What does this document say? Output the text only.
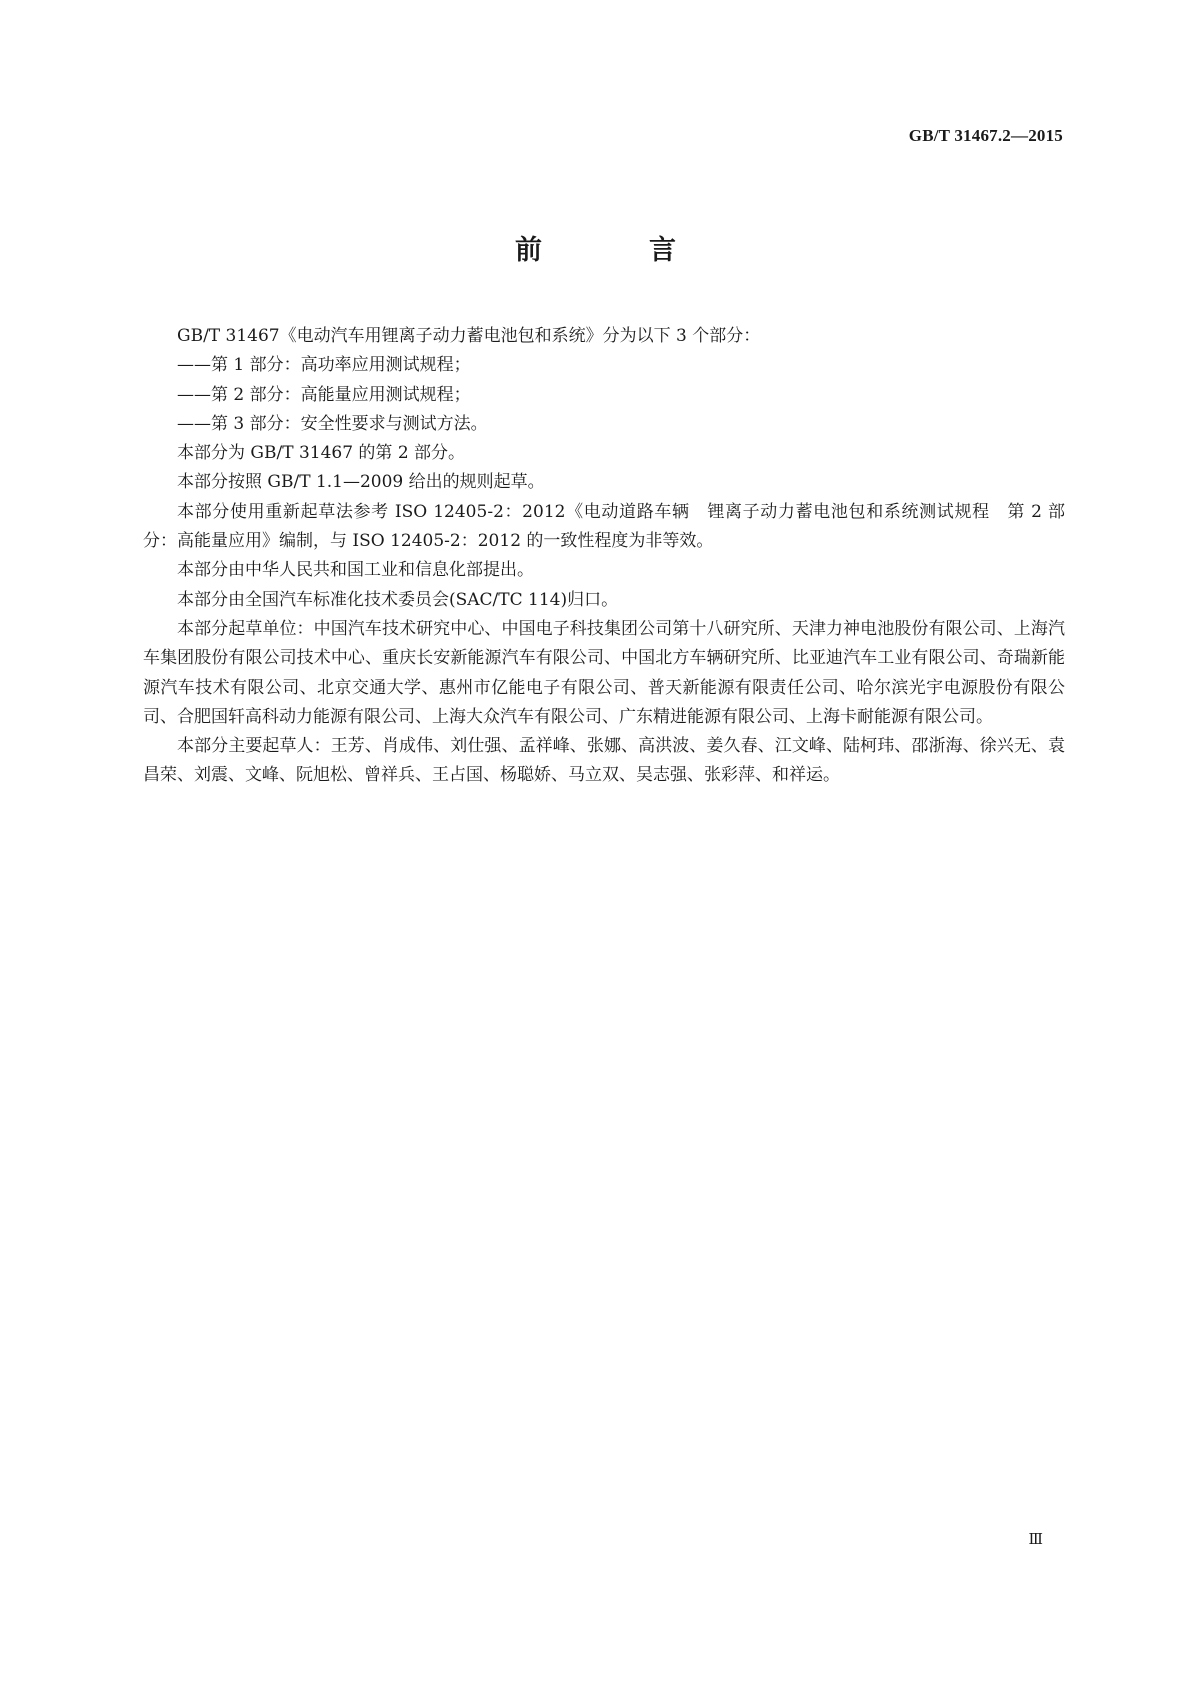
GB/T 31467.2—2015
前　言

GB/T 31467《电动汽车用锂离子动力蓄电池包和系统》分为以下 3 个部分：

——第 1 部分：高功率应用测试规程；

——第 2 部分：高能量应用测试规程；

——第 3 部分：安全性要求与测试方法。

本部分为 GB/T 31467 的第 2 部分。

本部分按照 GB/T 1.1—2009 给出的规则起草。

本部分使用重新起草法参考 ISO 12405-2：2012《电动道路车辆　锂离子动力蓄电池包和系统测试规程　第 2 部分：高能量应用》编制，与 ISO 12405-2：2012 的一致性程度为非等效。

本部分由中华人民共和国工业和信息化部提出。

本部分由全国汽车标准化技术委员会(SAC/TC 114)归口。

本部分起草单位：中国汽车技术研究中心、中国电子科技集团公司第十八研究所、天津力神电池股份有限公司、上海汽车集团股份有限公司技术中心、重庆长安新能源汽车有限公司、中国北方车辆研究所、比亚迪汽车工业有限公司、奇瑞新能源汽车技术有限公司、北京交通大学、惠州市亿能电子有限公司、普天新能源有限责任公司、哈尔滨光宇电源股份有限公司、合肥国轩高科动力能源有限公司、上海大众汽车有限公司、广东精进能源有限公司、上海卡耐能源有限公司。

本部分主要起草人：王芳、肖成伟、刘仕强、孟祥峰、张娜、高洪波、姜久春、江文峰、陆柯玮、邵浙海、徐兴无、袁昌荣、刘震、文峰、阮旭松、曾祥兵、王占国、杨聪娇、马立双、吴志强、张彩萍、和祥运。

Ⅲ
